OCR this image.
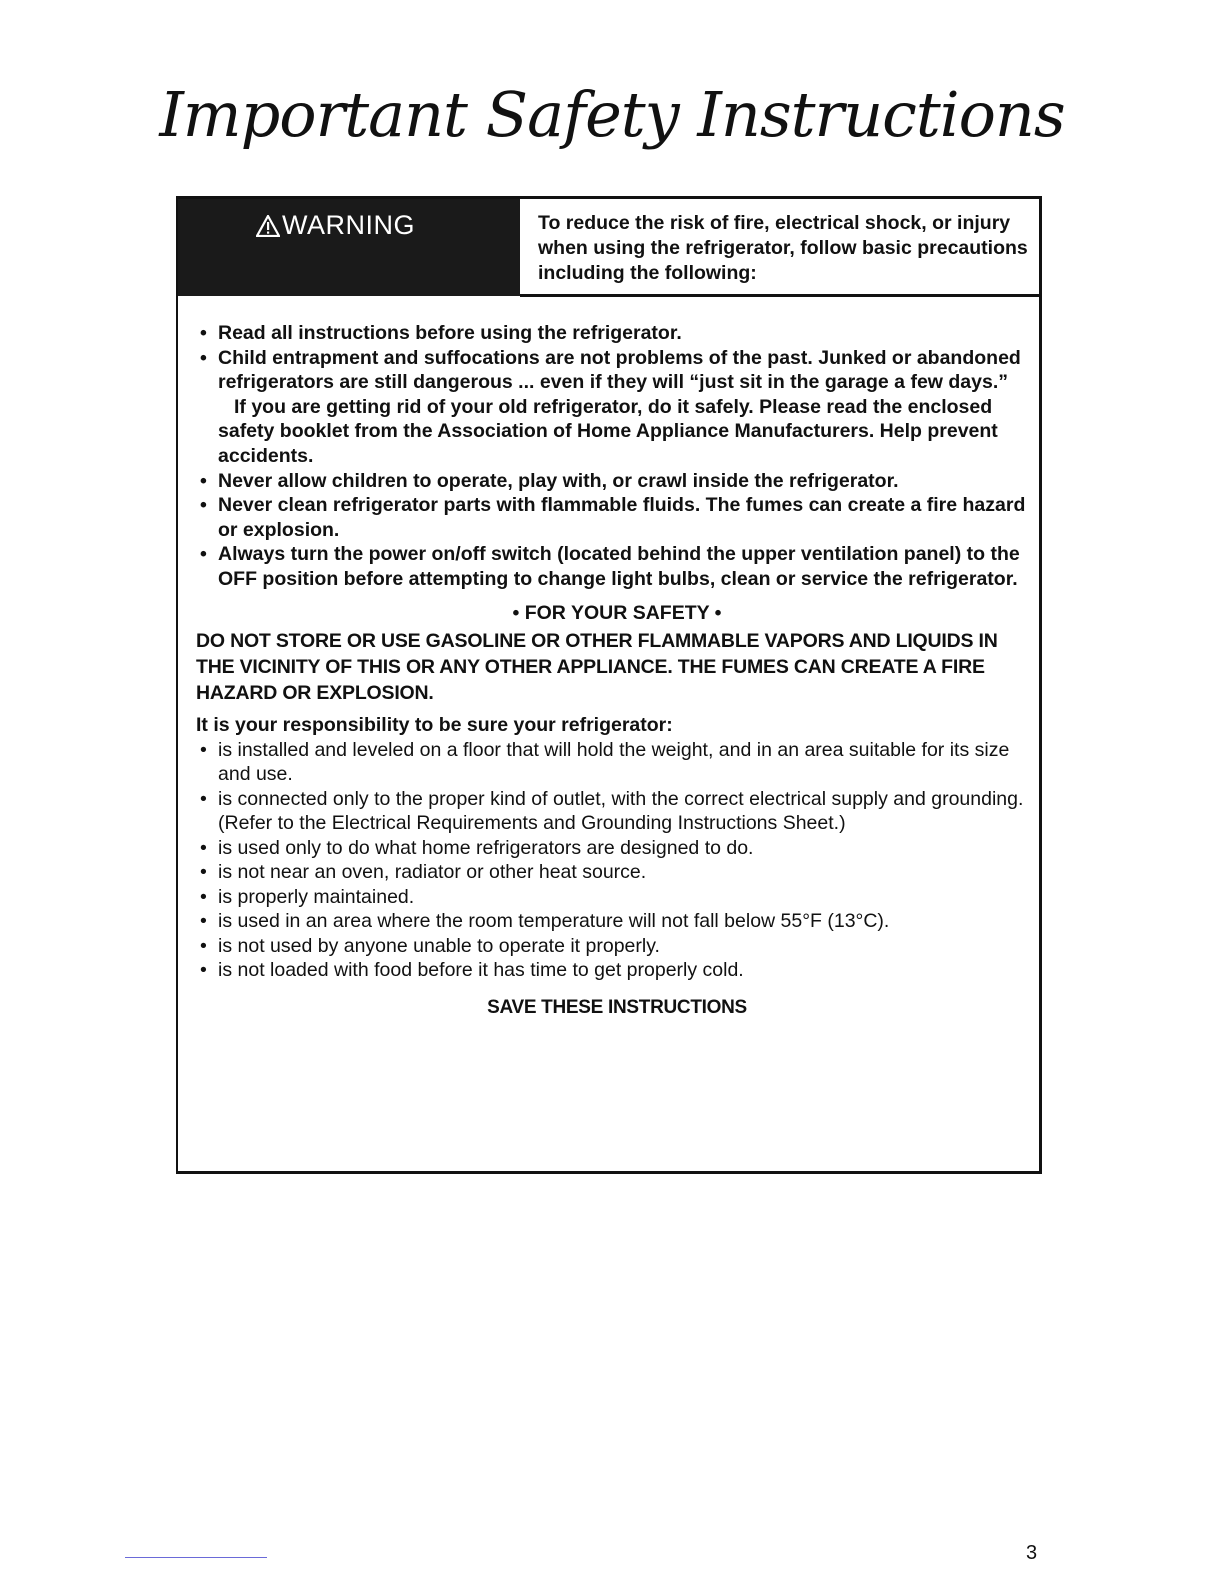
Important Safety Instructions
WARNING	To reduce the risk of fire, electrical shock, or injury when using the refrigerator, follow basic precautions including the following:
• Read all instructions before using the refrigerator.
• Child entrapment and suffocations are not problems of the past. Junked or abandoned refrigerators are still dangerous ... even if they will “just sit in the garage a few days.”
If you are getting rid of your old refrigerator, do it safely. Please read the enclosed safety booklet from the Association of Home Appliance Manufacturers. Help prevent accidents.
• Never allow children to operate, play with, or crawl inside the refrigerator.
• Never clean refrigerator parts with flammable fluids. The fumes can create a fire hazard or explosion.
• Always turn the power on/off switch (located behind the upper ventilation panel) to the OFF position before attempting to change light bulbs, clean or service the refrigerator.
• FOR YOUR SAFETY •
DO NOT STORE OR USE GASOLINE OR OTHER FLAMMABLE VAPORS AND LIQUIDS IN THE VICINITY OF THIS OR ANY OTHER APPLIANCE. THE FUMES CAN CREATE A FIRE HAZARD OR EXPLOSION.
It is your responsibility to be sure your refrigerator:
• is installed and leveled on a floor that will hold the weight, and in an area suitable for its size and use.
• is connected only to the proper kind of outlet, with the correct electrical supply and grounding. (Refer to the Electrical Requirements and Grounding Instructions Sheet.)
• is used only to do what home refrigerators are designed to do.
• is not near an oven, radiator or other heat source.
• is properly maintained.
• is used in an area where the room temperature will not fall below 55°F (13°C).
• is not used by anyone unable to operate it properly.
• is not loaded with food before it has time to get properly cold.
SAVE THESE INSTRUCTIONS
3
